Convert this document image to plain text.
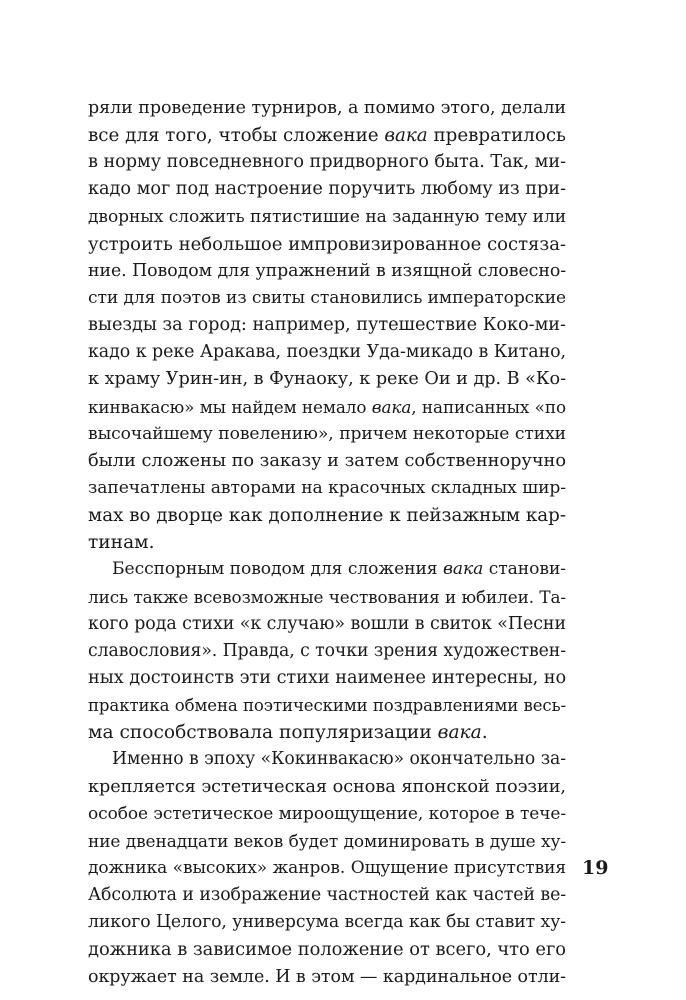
ряли проведение турниров, а помимо этого, делали
все для того, чтобы сложение вака превратилось
в норму повседневного придворного быта. Так, ми-
кадо мог под настроение поручить любому из при-
дворных сложить пятистишие на заданную тему или
устроить небольшое импровизированное состяза-
ние. Поводом для упражнений в изящной словесно-
сти для поэтов из свиты становились императорские
выезды за город: например, путешествие Коко-ми-
кадо к реке Аракава, поездки Уда-микадо в Китано,
к храму Урин-ин, в Фунаоку, к реке Ои и др. В «Ко-
кинвакасю» мы найдем немало вака, написанных «по
высочайшему повелению», причем некоторые стихи
были сложены по заказу и затем собственноручно
запечатлены авторами на красочных складных шир-
мах во дворце как дополнение к пейзажным кар-
тинам.
Бесспорным поводом для сложения вака станови-
лись также всевозможные чествования и юбилеи. Та-
кого рода стихи «к случаю» вошли в свиток «Песни
славословия». Правда, с точки зрения художествен-
ных достоинств эти стихи наименее интересны, но
практика обмена поэтическими поздравлениями весь-
ма способствовала популяризации вака.
Именно в эпоху «Кокинвакасю» окончательно за-
крепляется эстетическая основа японской поэзии,
особое эстетическое мироощущение, которое в тече-
ние двенадцати веков будет доминировать в душе ху-
дожника «высоких» жанров. Ощущение присутствия
Абсолюта и изображение частностей как частей ве-
ликого Целого, универсума всегда как бы ставит ху-
дожника в зависимое положение от всего, что его
окружает на земле. И в этом — кардинальное отли-
19
